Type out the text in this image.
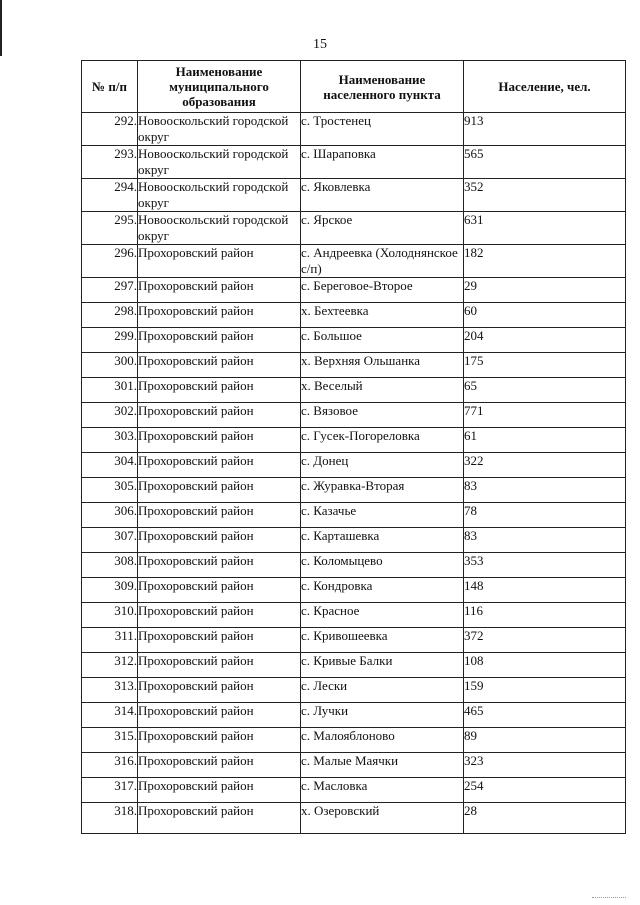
15
№ п/п	Наименование муниципального образования	Наименование населенного пункта	Население, чел.
292.	Новооскольский городской округ	с. Тростенец	913
293.	Новооскольский городской округ	с. Шараповка	565
294.	Новооскольский городской округ	с. Яковлевка	352
295.	Новооскольский городской округ	с. Ярское	631
296.	Прохоровский район	с. Андреевка (Холоднянское с/п)	182
297.	Прохоровский район	с. Береговое-Второе	29
298.	Прохоровский район	х. Бехтеевка	60
299.	Прохоровский район	с. Большое	204
300.	Прохоровский район	х. Верхняя Ольшанка	175
301.	Прохоровский район	х. Веселый	65
302.	Прохоровский район	с. Вязовое	771
303.	Прохоровский район	с. Гусек-Погореловка	61
304.	Прохоровский район	с. Донец	322
305.	Прохоровский район	с. Журавка-Вторая	83
306.	Прохоровский район	с. Казачье	78
307.	Прохоровский район	с. Карташевка	83
308.	Прохоровский район	с. Коломыцево	353
309.	Прохоровский район	с. Кондровка	148
310.	Прохоровский район	с. Красное	116
311.	Прохоровский район	с. Кривошеевка	372
312.	Прохоровский район	с. Кривые Балки	108
313.	Прохоровский район	с. Лески	159
314.	Прохоровский район	с. Лучки	465
315.	Прохоровский район	с. Малояблоново	89
316.	Прохоровский район	с. Малые Маячки	323
317.	Прохоровский район	с. Масловка	254
318.	Прохоровский район	х. Озеровский	28
